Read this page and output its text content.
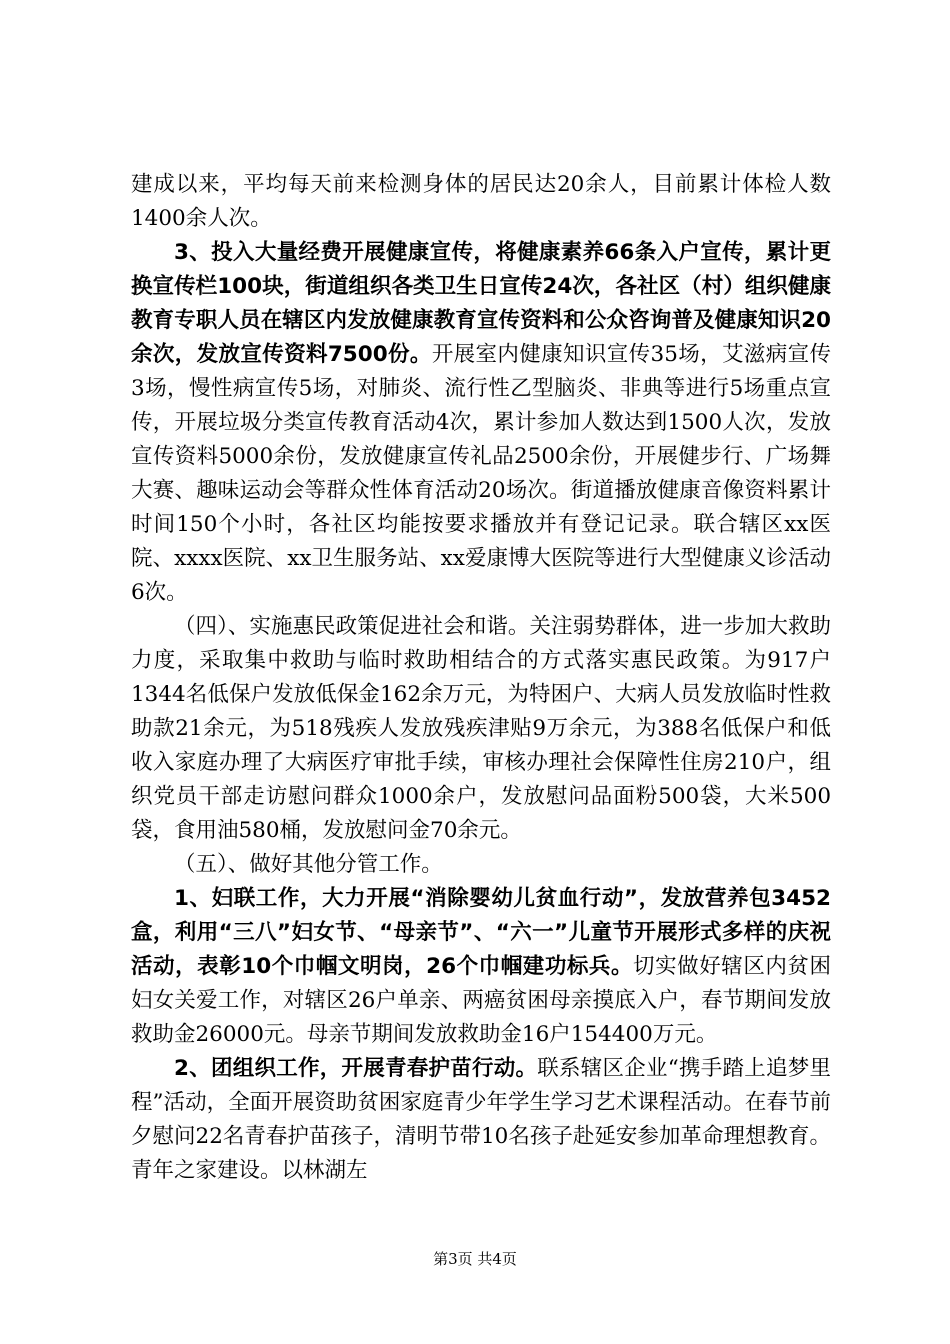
建成以来，平均每天前来检测身体的居民达20余人，目前累计体检人数1400余人次。

3、投入大量经费开展健康宣传，将健康素养66条入户宣传，累计更换宣传栏100块，街道组织各类卫生日宣传24次，各社区（村）组织健康教育专职人员在辖区内发放健康教育宣传资料和公众咨询普及健康知识20余次，发放宣传资料7500份。开展室内健康知识宣传35场，艾滋病宣传3场，慢性病宣传5场，对肺炎、流行性乙型脑炎、非典等进行5场重点宣传，开展垃圾分类宣传教育活动4次，累计参加人数达到1500人次，发放宣传资料5000余份，发放健康宣传礼品2500余份，开展健步行、广场舞大赛、趣味运动会等群众性体育活动20场次。街道播放健康音像资料累计时间150个小时，各社区均能按要求播放并有登记记录。联合辖区xx医院、xxxx医院、xx卫生服务站、xx爱康博大医院等进行大型健康义诊活动6次。

（四）、实施惠民政策促进社会和谐。关注弱势群体，进一步加大救助力度，采取集中救助与临时救助相结合的方式落实惠民政策。为917户1344名低保户发放低保金162余万元，为特困户、大病人员发放临时性救助款21余元，为518残疾人发放残疾津贴9万余元，为388名低保户和低收入家庭办理了大病医疗审批手续，审核办理社会保障性住房210户，组织党员干部走访慰问群众1000余户，发放慰问品面粉500袋，大米500袋，食用油580桶，发放慰问金70余元。

（五）、做好其他分管工作。

1、妇联工作，大力开展“消除婴幼儿贫血行动”，发放营养包3452盒，利用“三八”妇女节、“母亲节”、“六一”儿童节开展形式多样的庆祝活动，表彰10个巾帼文明岗，26个巾帼建功标兵。切实做好辖区内贫困妇女关爱工作，对辖区26户单亲、两癌贫困母亲摸底入户，春节期间发放救助金26000元。母亲节期间发放救助金16户154400万元。

2、团组织工作，开展青春护苗行动。联系辖区企业“携手踏上追梦里程”活动，全面开展资助贫困家庭青少年学生学习艺术课程活动。在春节前夕慰问22名青春护苗孩子，清明节带10名孩子赴延安参加革命理想教育。青年之家建设。以林湖左

第3页 共4页
